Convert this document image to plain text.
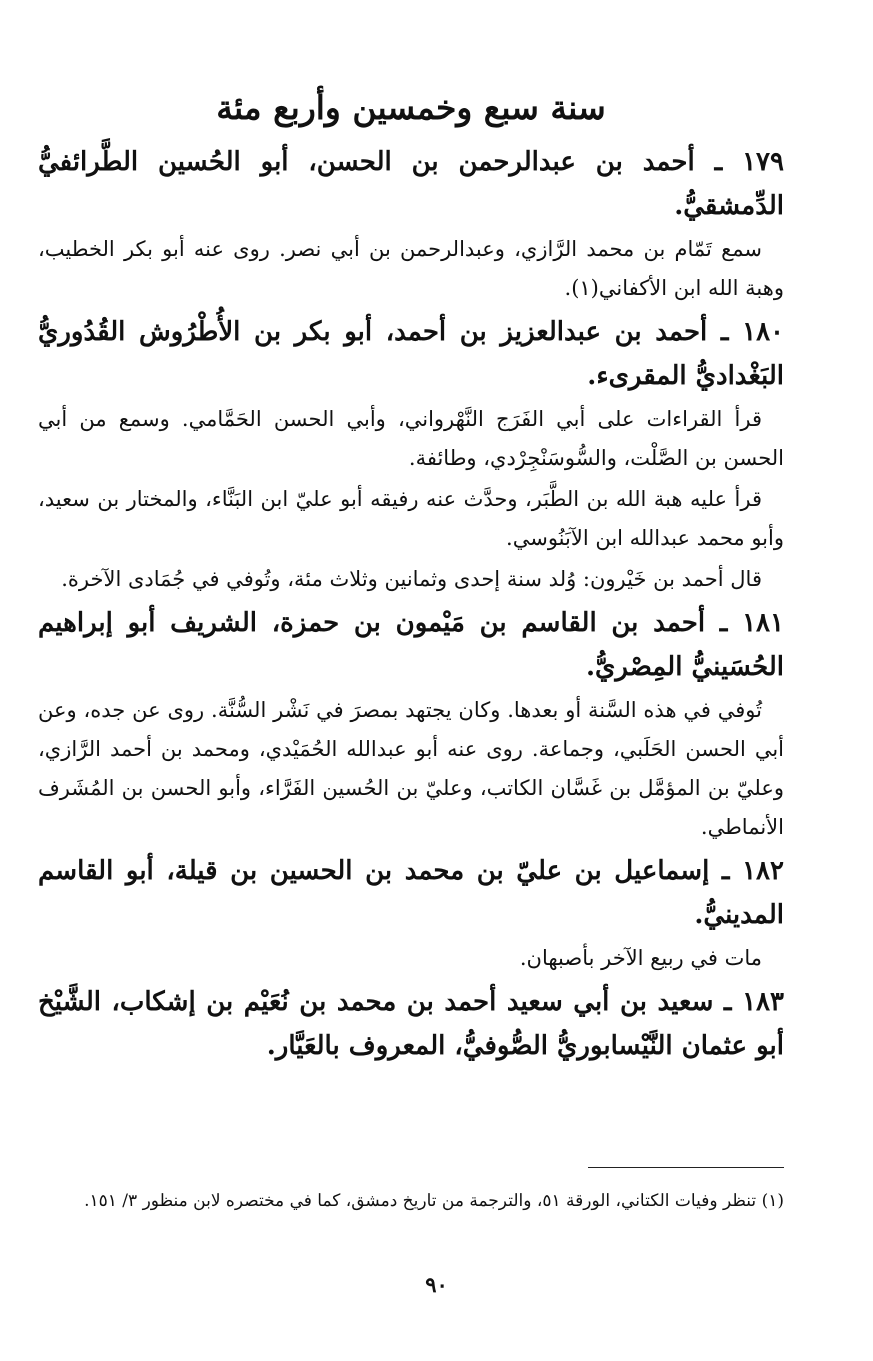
سنة سبع وخمسين وأربع مئة
١٧٩ ـ أحمد بن عبدالرحمن بن الحسن، أبو الحُسين الطَّرائفيُّ الدِّمشقيُّ.
سمع تَمّام بن محمد الرَّازي، وعبدالرحمن بن أبي نصر. روى عنه أبو بكر الخطيب، وهبة الله ابن الأكفاني(١).
١٨٠ ـ أحمد بن عبدالعزيز بن أحمد، أبو بكر بن الأُطْرُوش القُدُوريُّ البَغْداديُّ المقرىء.
قرأ القراءات على أبي الفَرَج النَّهْرواني، وأبي الحسن الحَمَّامي. وسمع من أبي الحسن بن الصَّلْت، والسُّوسَنْجِرْدي، وطائفة.
قرأ عليه هبة الله بن الطَّبَر، وحدَّث عنه رفيقه أبو عليّ ابن البَنَّاء، والمختار بن سعيد، وأبو محمد عبدالله ابن الآبَنُوسي.
قال أحمد بن خَيْرون: وُلد سنة إحدى وثمانين وثلاث مئة، وتُوفي في جُمَادى الآخرة.
١٨١ ـ أحمد بن القاسم بن مَيْمون بن حمزة، الشريف أبو إبراهيم الحُسَينيُّ المِصْريُّ.
تُوفي في هذه السَّنة أو بعدها. وكان يجتهد بمصرَ في نَشْر السُّنَّة. روى عن جده، وعن أبي الحسن الحَلَبي، وجماعة. روى عنه أبو عبدالله الحُمَيْدي، ومحمد بن أحمد الرَّازي، وعليّ بن المؤمَّل بن غَسَّان الكاتب، وعليّ بن الحُسين الفَرَّاء، وأبو الحسن بن المُشَرف الأنماطي.
١٨٢ ـ إسماعيل بن عليّ بن محمد بن الحسين بن قيلة، أبو القاسم المدينيُّ.
مات في ربيع الآخر بأصبهان.
١٨٣ ـ سعيد بن أبي سعيد أحمد بن محمد بن نُعَيْم بن إشكاب، الشَّيْخ أبو عثمان النَّيْسابوريُّ الصُّوفيُّ، المعروف بالعَيَّار.
(١) تنظر وفيات الكتاني، الورقة ٥١، والترجمة من تاريخ دمشق، كما في مختصره لابن منظور ٣/ ١٥١.
٩٠
